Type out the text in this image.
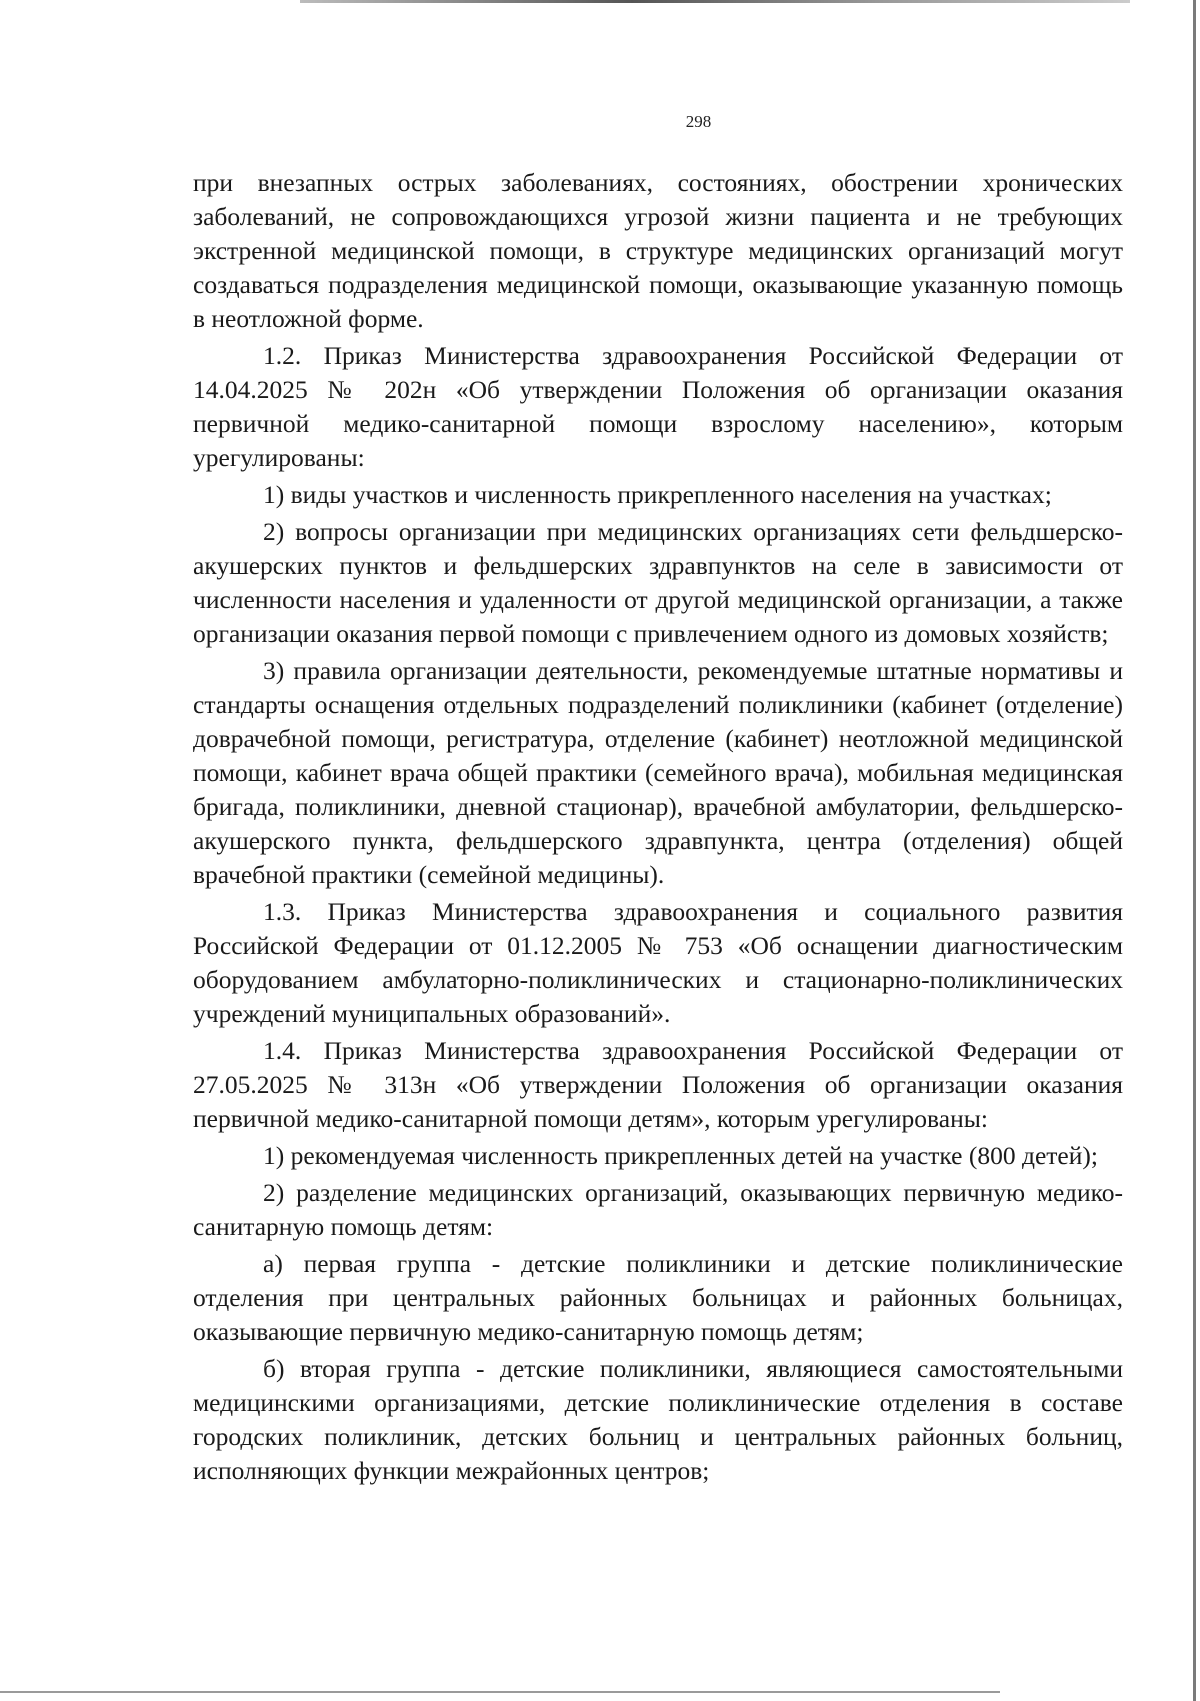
298

при внезапных острых заболеваниях, состояниях, обострении хронических заболеваний, не сопровождающихся угрозой жизни пациента и не требующих экстренной медицинской помощи, в структуре медицинских организаций могут создаваться подразделения медицинской помощи, оказывающие указанную помощь в неотложной форме.

1.2. Приказ Министерства здравоохранения Российской Федерации от 14.04.2025 № 202н «Об утверждении Положения об организации оказания первичной медико-санитарной помощи взрослому населению», которым урегулированы:

1) виды участков и численность прикрепленного населения на участках;

2) вопросы организации при медицинских организациях сети фельдшерско-акушерских пунктов и фельдшерских здравпунктов на селе в зависимости от численности населения и удаленности от другой медицинской организации, а также организации оказания первой помощи с привлечением одного из домовых хозяйств;

3) правила организации деятельности, рекомендуемые штатные нормативы и стандарты оснащения отдельных подразделений поликлиники (кабинет (отделение) доврачебной помощи, регистратура, отделение (кабинет) неотложной медицинской помощи, кабинет врача общей практики (семейного врача), мобильная медицинская бригада, поликлиники, дневной стационар), врачебной амбулатории, фельдшерско-акушерского пункта, фельдшерского здравпункта, центра (отделения) общей врачебной практики (семейной медицины).

1.3. Приказ Министерства здравоохранения и социального развития Российской Федерации от 01.12.2005 № 753 «Об оснащении диагностическим оборудованием амбулаторно-поликлинических и стационарно-поликлинических учреждений муниципальных образований».

1.4. Приказ Министерства здравоохранения Российской Федерации от 27.05.2025 № 313н «Об утверждении Положения об организации оказания первичной медико-санитарной помощи детям», которым урегулированы:

1) рекомендуемая численность прикрепленных детей на участке (800 детей);

2) разделение медицинских организаций, оказывающих первичную медико-санитарную помощь детям:

а) первая группа - детские поликлиники и детские поликлинические отделения при центральных районных больницах и районных больницах, оказывающие первичную медико-санитарную помощь детям;

б) вторая группа - детские поликлиники, являющиеся самостоятельными медицинскими организациями, детские поликлинические отделения в составе городских поликлиник, детских больниц и центральных районных больниц, исполняющих функции межрайонных центров;
